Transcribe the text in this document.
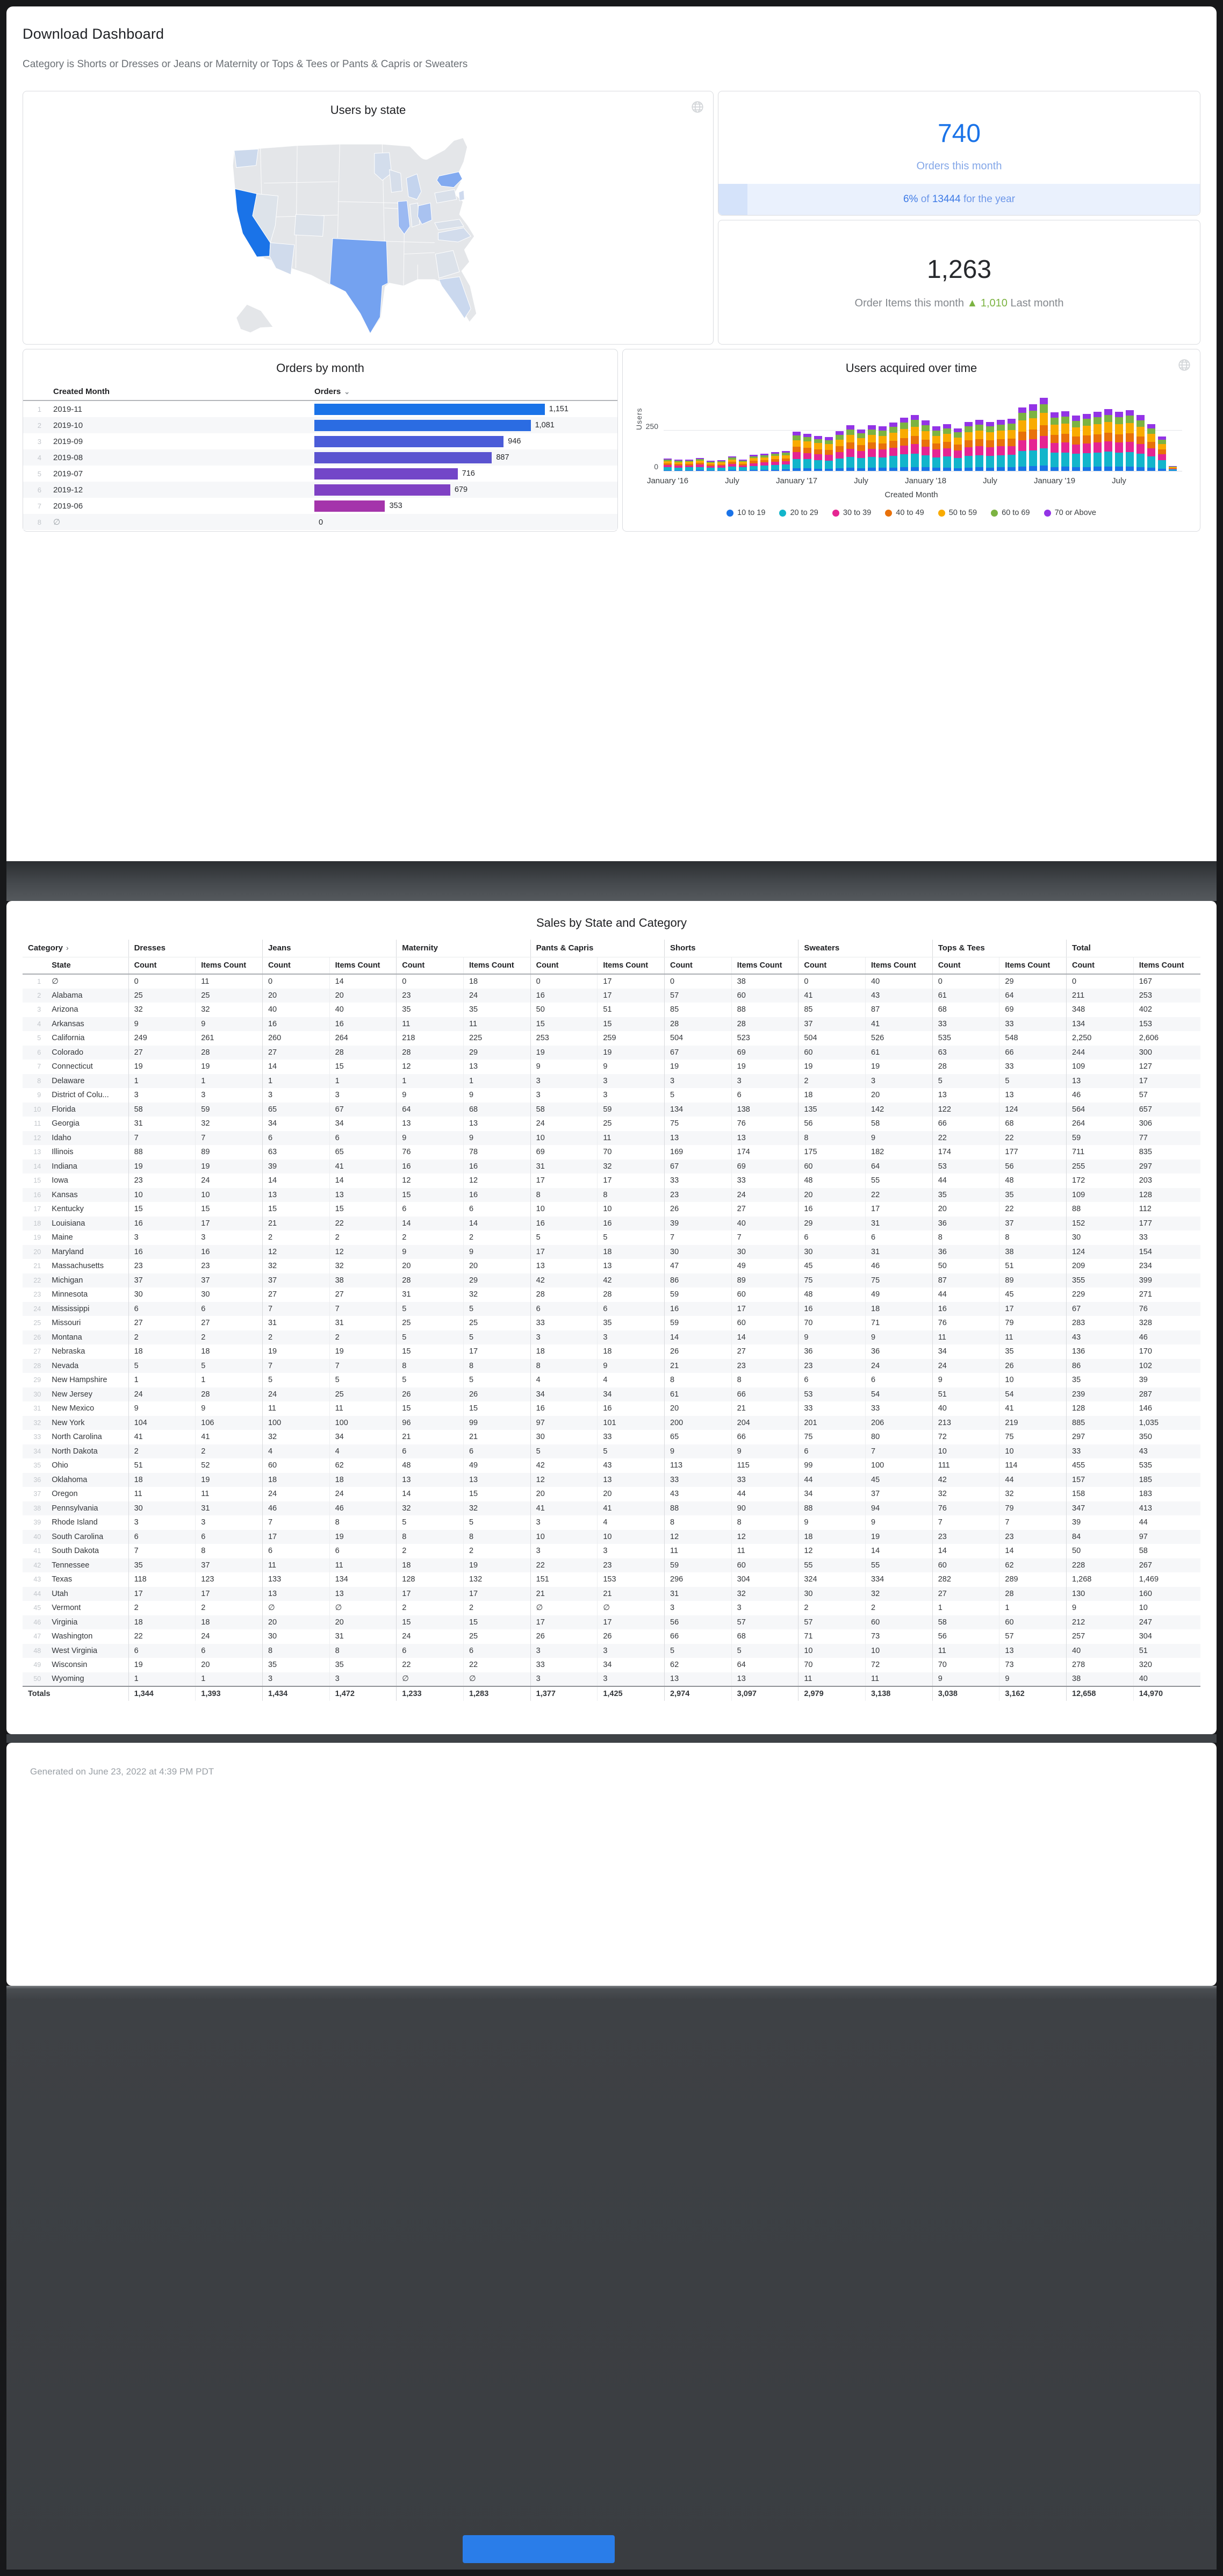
Download Dashboard
Category is Shorts or Dresses or Jeans or Maternity or Tops & Tees or Pants & Capris or Sweaters
Users by state
740
Orders this month
6% of 13444 for the year
1,263
Order Items this month ▲ 1,010 Last month
Orders by month
Created Month	Orders ⌄
1	2019-11	1,151
2	2019-10	1,081
3	2019-09	946
4	2019-08	887
5	2019-07	716
6	2019-12	679
7	2019-06	353
8	∅	0
Users acquired over time
Users 250
0
January '16	July	January '17	July	January '18	July	January '19	July
Created Month
10 to 19	20 to 29	30 to 39	40 to 49	50 to 59	60 to 69	70 or Above
Sales by State and Category
Category ›		Dresses		Jeans		Maternity		Pants & Capris		Shorts		Sweaters		Tops & Tees		Total	
	State	Count	Items Count	Count	Items Count	Count	Items Count	Count	Items Count	Count	Items Count	Count	Items Count	Count	Items Count	Count	Items Count
1	∅	0	11	0	14	0	18	0	17	0	38	0	40	0	29	0	167
2	Alabama	25	25	20	20	23	24	16	17	57	60	41	43	61	64	211	253
3	Arizona	32	32	40	40	35	35	50	51	85	88	85	87	68	69	348	402
4	Arkansas	9	9	16	16	11	11	15	15	28	28	37	41	33	33	134	153
5	California	249	261	260	264	218	225	253	259	504	523	504	526	535	548	2,250	2,606
6	Colorado	27	28	27	28	28	29	19	19	67	69	60	61	63	66	244	300
7	Connecticut	19	19	14	15	12	13	9	9	19	19	19	19	28	33	109	127
8	Delaware	1	1	1	1	1	1	3	3	3	3	2	3	5	5	13	17
9	District of Colu...	3	3	3	3	9	9	3	3	5	6	18	20	13	13	46	57
10	Florida	58	59	65	67	64	68	58	59	134	138	135	142	122	124	564	657
11	Georgia	31	32	34	34	13	13	24	25	75	76	56	58	66	68	264	306
12	Idaho	7	7	6	6	9	9	10	11	13	13	8	9	22	22	59	77
13	Illinois	88	89	63	65	76	78	69	70	169	174	175	182	174	177	711	835
14	Indiana	19	19	39	41	16	16	31	32	67	69	60	64	53	56	255	297
15	Iowa	23	24	14	14	12	12	17	17	33	33	48	55	44	48	172	203
16	Kansas	10	10	13	13	15	16	8	8	23	24	20	22	35	35	109	128
17	Kentucky	15	15	15	15	6	6	10	10	26	27	16	17	20	22	88	112
18	Louisiana	16	17	21	22	14	14	16	16	39	40	29	31	36	37	152	177
19	Maine	3	3	2	2	2	2	5	5	7	7	6	6	8	8	30	33
20	Maryland	16	16	12	12	9	9	17	18	30	30	30	31	36	38	124	154
21	Massachusetts	23	23	32	32	20	20	13	13	47	49	45	46	50	51	209	234
22	Michigan	37	37	37	38	28	29	42	42	86	89	75	75	87	89	355	399
23	Minnesota	30	30	27	27	31	32	28	28	59	60	48	49	44	45	229	271
24	Mississippi	6	6	7	7	5	5	6	6	16	17	16	18	16	17	67	76
25	Missouri	27	27	31	31	25	25	33	35	59	60	70	71	76	79	283	328
26	Montana	2	2	2	2	5	5	3	3	14	14	9	9	11	11	43	46
27	Nebraska	18	18	19	19	15	17	18	18	26	27	36	36	34	35	136	170
28	Nevada	5	5	7	7	8	8	8	9	21	23	23	24	24	26	86	102
29	New Hampshire	1	1	5	5	5	5	4	4	8	8	6	6	9	10	35	39
30	New Jersey	24	28	24	25	26	26	34	34	61	66	53	54	51	54	239	287
31	New Mexico	9	9	11	11	15	15	16	16	20	21	33	33	40	41	128	146
32	New York	104	106	100	100	96	99	97	101	200	204	201	206	213	219	885	1,035
33	North Carolina	41	41	32	34	21	21	30	33	65	66	75	80	72	75	297	350
34	North Dakota	2	2	4	4	6	6	5	5	9	9	6	7	10	10	33	43
35	Ohio	51	52	60	62	48	49	42	43	113	115	99	100	111	114	455	535
36	Oklahoma	18	19	18	18	13	13	12	13	33	33	44	45	42	44	157	185
37	Oregon	11	11	24	24	14	15	20	20	43	44	34	37	32	32	158	183
38	Pennsylvania	30	31	46	46	32	32	41	41	88	90	88	94	76	79	347	413
39	Rhode Island	3	3	7	8	5	5	3	4	8	8	9	9	7	7	39	44
40	South Carolina	6	6	17	19	8	8	10	10	12	12	18	19	23	23	84	97
41	South Dakota	7	8	6	6	2	2	3	3	11	11	12	14	14	14	50	58
42	Tennessee	35	37	11	11	18	19	22	23	59	60	55	55	60	62	228	267
43	Texas	118	123	133	134	128	132	151	153	296	304	324	334	282	289	1,268	1,469
44	Utah	17	17	13	13	17	17	21	21	31	32	30	32	27	28	130	160
45	Vermont	2	2	∅	∅	2	2	∅	∅	3	3	2	2	1	1	9	10
46	Virginia	18	18	20	20	15	15	17	17	56	57	57	60	58	60	212	247
47	Washington	22	24	30	31	24	25	26	26	66	68	71	73	56	57	257	304
48	West Virginia	6	6	8	8	6	6	3	3	5	5	10	10	11	13	40	51
49	Wisconsin	19	20	35	35	22	22	33	34	62	64	70	72	70	73	278	320
50	Wyoming	1	1	3	3	∅	∅	3	3	13	13	11	11	9	9	38	40
Totals		1,344	1,393	1,434	1,472	1,233	1,283	1,377	1,425	2,974	3,097	2,979	3,138	3,038	3,162	12,658	14,970
Generated on June 23, 2022 at 4:39 PM PDT
